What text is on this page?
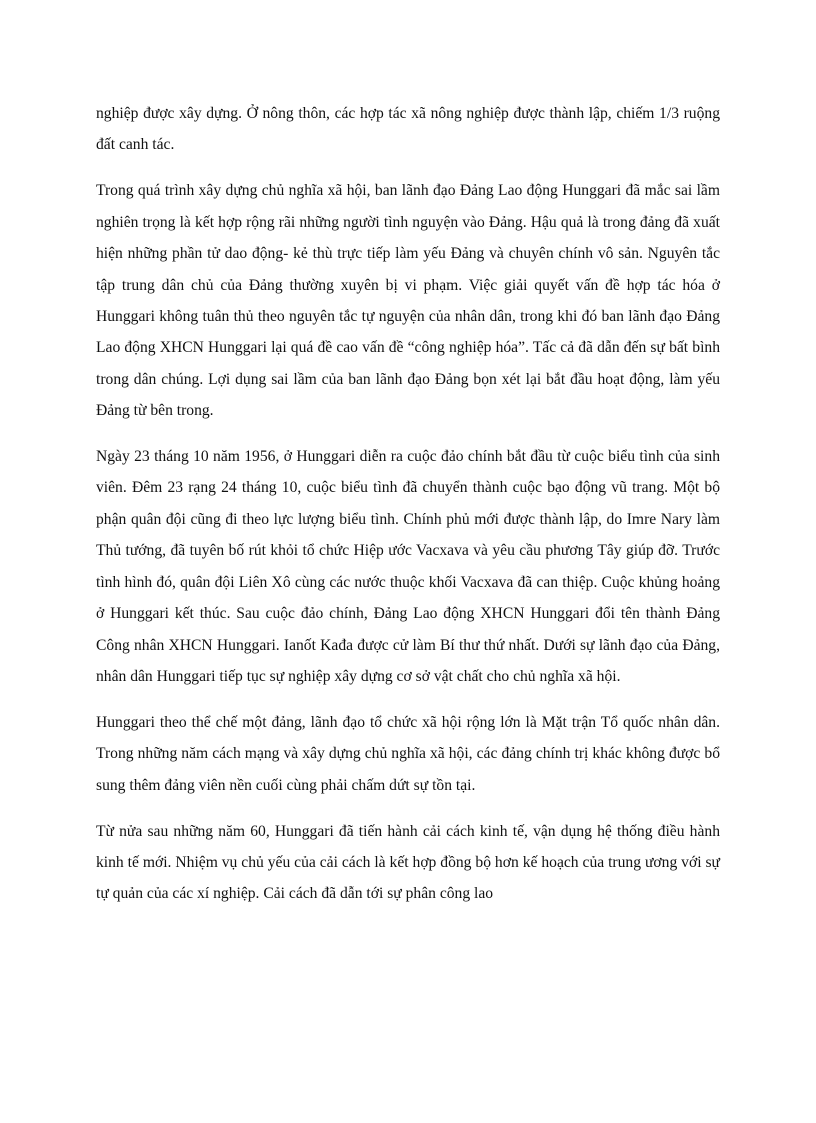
nghiệp được xây dựng. Ở nông thôn, các hợp tác xã nông nghiệp được thành lập, chiếm 1/3 ruộng đất canh tác.

Trong quá trình xây dựng chủ nghĩa xã hội, ban lãnh đạo Đảng Lao động Hunggari đã mắc sai lầm nghiên trọng là kết hợp rộng rãi những người tình nguyện vào Đảng. Hậu quả là trong đảng đã xuất hiện những phần tử dao động- kẻ thù trực tiếp làm yếu Đảng và chuyên chính vô sản. Nguyên tắc tập trung dân chủ của Đảng thường xuyên bị vi phạm. Việc giải quyết vấn đề hợp tác hóa ở Hunggari không tuân thủ theo nguyên tắc tự nguyện của nhân dân, trong khi đó ban lãnh đạo Đảng Lao động XHCN Hunggari lại quá đề cao vấn đề “công nghiệp hóa”. Tấc cả đã dẫn đến sự bất bình trong dân chúng. Lợi dụng sai lầm của ban lãnh đạo Đảng bọn xét lại bắt đầu hoạt động, làm yếu Đảng từ bên trong.

Ngày 23 tháng 10 năm 1956, ở Hunggari diễn ra cuộc đảo chính bắt đầu từ cuộc biểu tình của sinh viên. Đêm 23 rạng 24 tháng 10, cuộc biểu tình đã chuyển thành cuộc bạo động vũ trang. Một bộ phận quân đội cũng đi theo lực lượng biểu tình. Chính phủ mới được thành lập, do Imre Nary làm Thủ tướng, đã tuyên bố rút khỏi tổ chức Hiệp ước Vacxava và yêu cầu phương Tây giúp đỡ. Trước tình hình đó, quân đội Liên Xô cùng các nước thuộc khối Vacxava đã can thiệp. Cuộc khủng hoảng ở Hunggari kết thúc. Sau cuộc đảo chính, Đảng Lao động XHCN Hunggari đổi tên thành Đảng Công nhân XHCN Hunggari. Ianốt Kađa được cử làm Bí thư thứ nhất. Dưới sự lãnh đạo của Đảng, nhân dân Hunggari tiếp tục sự nghiệp xây dựng cơ sở vật chất cho chủ nghĩa xã hội.

Hunggari theo thể chế một đảng, lãnh đạo tổ chức xã hội rộng lớn là Mặt trận Tổ quốc nhân dân. Trong những năm cách mạng và xây dựng chủ nghĩa xã hội, các đảng chính trị khác không được bổ sung thêm đảng viên nền cuối cùng phải chấm dứt sự tồn tại.

Từ nửa sau những năm 60, Hunggari đã tiến hành cải cách kinh tế, vận dụng hệ thống điều hành kinh tế mới. Nhiệm vụ chủ yếu của cải cách là kết hợp đồng bộ hơn kế hoạch của trung ương với sự tự quản của các xí nghiệp. Cải cách đã dẫn tới sự phân công lao
